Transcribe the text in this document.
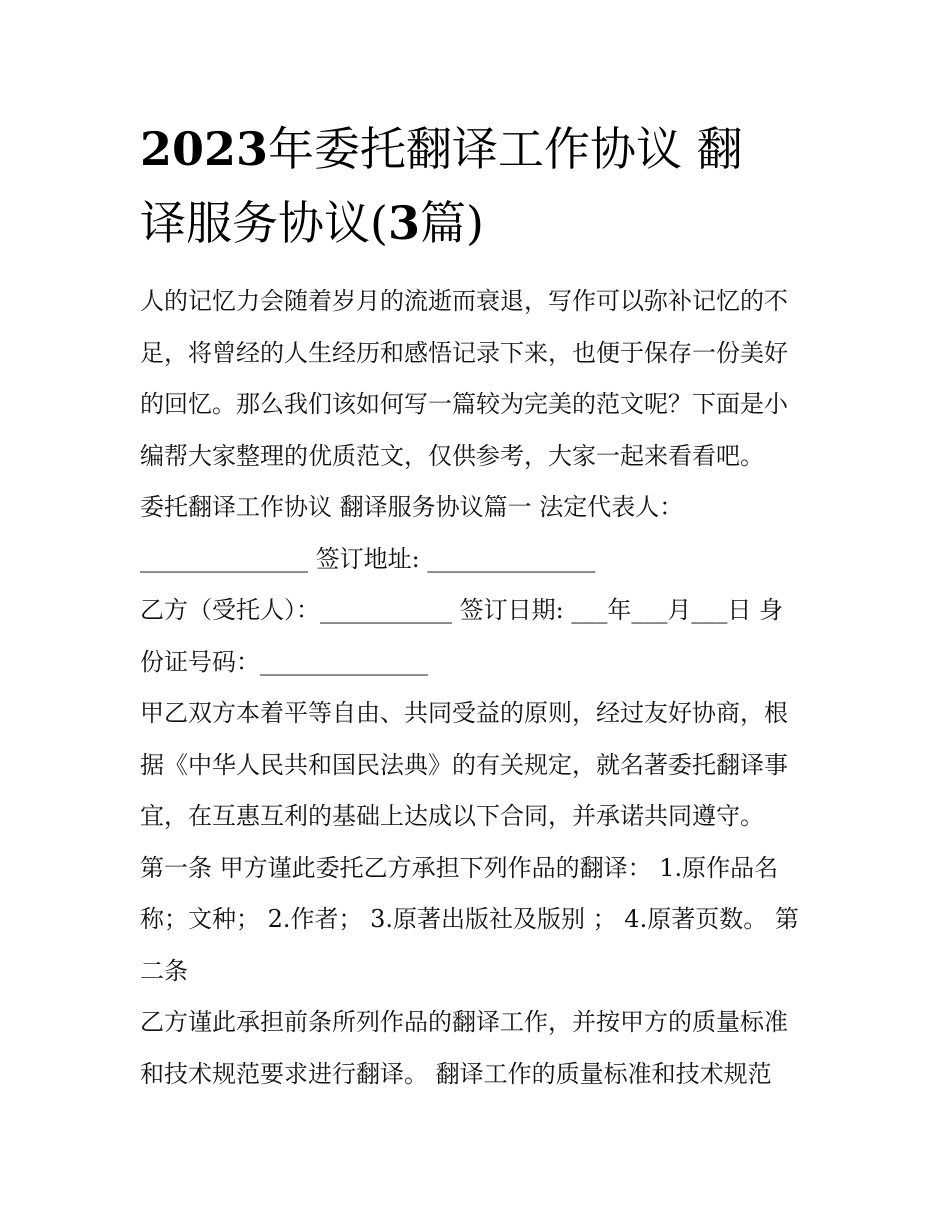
2023年委托翻译工作协议 翻
译服务协议(3篇)
人的记忆力会随着岁月的流逝而衰退，写作可以弥补记忆的不
足，将曾经的人生经历和感悟记录下来，也便于保存一份美好
的回忆。那么我们该如何写一篇较为完美的范文呢？下面是小
编帮大家整理的优质范文，仅供参考，大家一起来看看吧。
委托翻译工作协议 翻译服务协议篇一 法定代表人：
______________ 签订地址: ______________
乙方（受托人）：___________ 签订日期: ___年___月___日 身
份证号码：______________
甲乙双方本着平等自由、共同受益的原则，经过友好协商，根
据《中华人民共和国民法典》的有关规定，就名著委托翻译事
宜，在互惠互利的基础上达成以下合同，并承诺共同遵守。
第一条 甲方谨此委托乙方承担下列作品的翻译： 1.原作品名
称；文种； 2.作者； 3.原著出版社及版别 ； 4.原著页数。 第
二条
乙方谨此承担前条所列作品的翻译工作，并按甲方的质量标准
和技术规范要求进行翻译。 翻译工作的质量标准和技术规范
